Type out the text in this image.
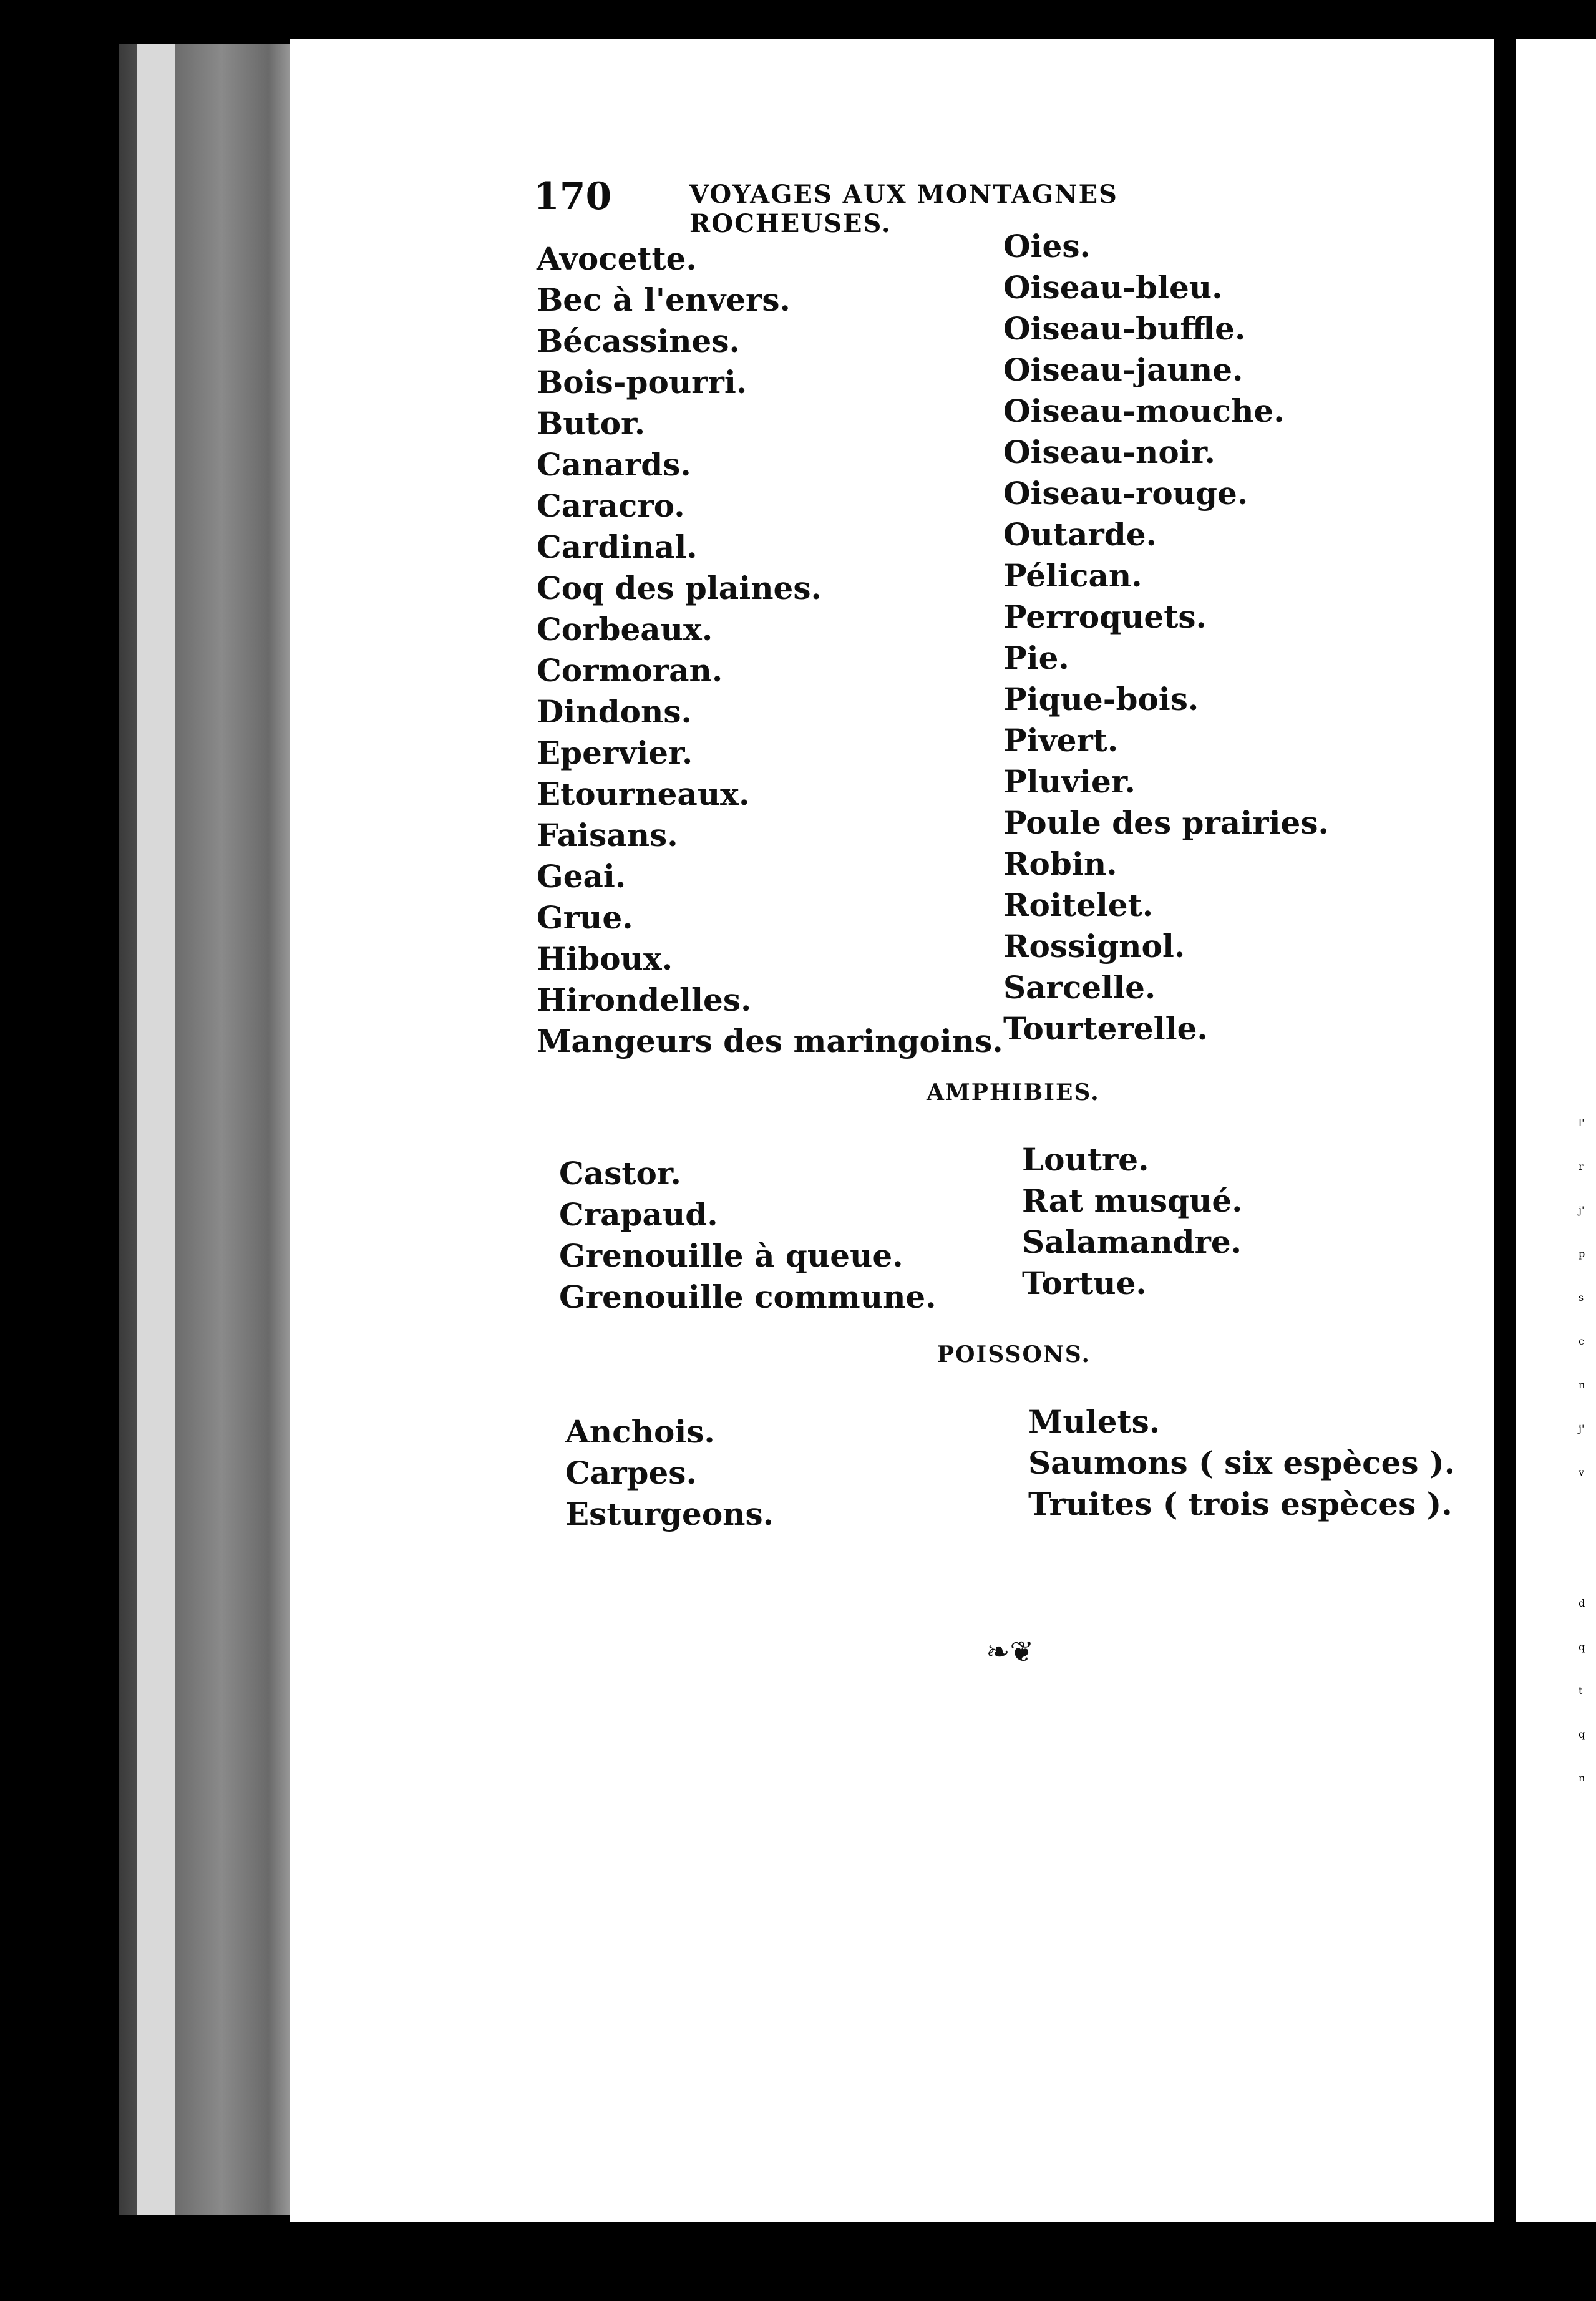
l'
r
j'
p
s
c
n
j'
v
d
q
t
q
n
170	VOYAGES AUX MONTAGNES ROCHEUSES.
Avocette.
Bec à l'envers.
Bécassines.
Bois-pourri.
Butor.
Canards.
Caracro.
Cardinal.
Coq des plaines.
Corbeaux.
Cormoran.
Dindons.
Epervier.
Etourneaux.
Faisans.
Geai.
Grue.
Hiboux.
Hirondelles.
Mangeurs des maringoins.
Oies.
Oiseau-bleu.
Oiseau-buffle.
Oiseau-jaune.
Oiseau-mouche.
Oiseau-noir.
Oiseau-rouge.
Outarde.
Pélican.
Perroquets.
Pie.
Pique-bois.
Pivert.
Pluvier.
Poule des prairies.
Robin.
Roitelet.
Rossignol.
Sarcelle.
Tourterelle.
AMPHIBIES.
Castor.
Crapaud.
Grenouille à queue.
Grenouille commune.
Loutre.
Rat musqué.
Salamandre.
Tortue.
POISSONS.
Anchois.
Carpes.
Esturgeons.
Mulets.
Saumons ( six espèces ).
Truites ( trois espèces ).
❧❦
